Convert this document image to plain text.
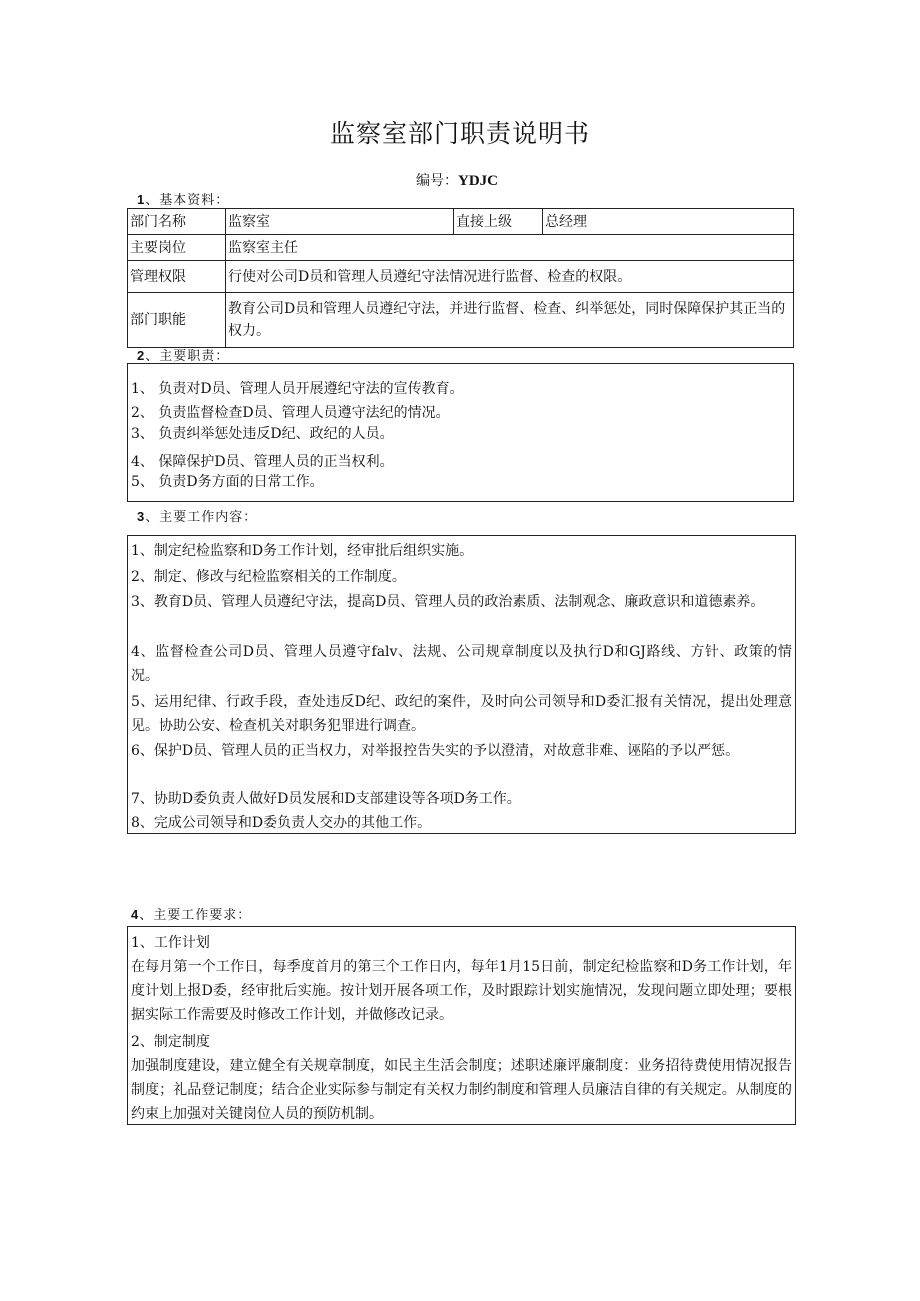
监察室部门职责说明书
编号：YDJC
1、基本资料：
部门名称	监察室	直接上级	总经理
主要岗位	监察室主任		
管理权限	行使对公司D员和管理人员遵纪守法情况进行监督、检查的权限。		
部门职能	教育公司D员和管理人员遵纪守法，并进行监督、检查、纠举惩处，同时保障保护其正当的权力。		
2、主要职责：
1、 负责对D员、管理人员开展遵纪守法的宣传教育。
2、 负责监督检查D员、管理人员遵守法纪的情况。
3、 负责纠举惩处违反D纪、政纪的人员。
4、 保障保护D员、管理人员的正当权利。
5、 负责D务方面的日常工作。
3、主要工作内容：
1、制定纪检监察和D务工作计划，经审批后组织实施。
2、制定、修改与纪检监察相关的工作制度。
3、教育D员、管理人员遵纪守法，提高D员、管理人员的政治素质、法制观念、廉政意识和道德素养。
4、监督检查公司D员、管理人员遵守falv、法规、公司规章制度以及执行D和GJ路线、方针、政策的情况。
5、运用纪律、行政手段，查处违反D纪、政纪的案件，及时向公司领导和D委汇报有关情况，提出处理意见。协助公安、检查机关对职务犯罪进行调查。
6、保护D员、管理人员的正当权力，对举报控告失实的予以澄清，对故意非难、诬陷的予以严惩。
7、协助D委负责人做好D员发展和D支部建设等各项D务工作。
8、完成公司领导和D委负责人交办的其他工作。
4、主要工作要求：
1、工作计划
在每月第一个工作日，每季度首月的第三个工作日内，每年1月15日前，制定纪检监察和D务工作计划，年度计划上报D委，经审批后实施。按计划开展各项工作，及时跟踪计划实施情况，发现问题立即处理；要根据实际工作需要及时修改工作计划，并做修改记录。
2、制定制度
加强制度建设，建立健全有关规章制度，如民主生活会制度；述职述廉评廉制度：业务招待费使用情况报告制度；礼品登记制度；结合企业实际参与制定有关权力制约制度和管理人员廉洁自律的有关规定。从制度的约束上加强对关键岗位人员的预防机制。
